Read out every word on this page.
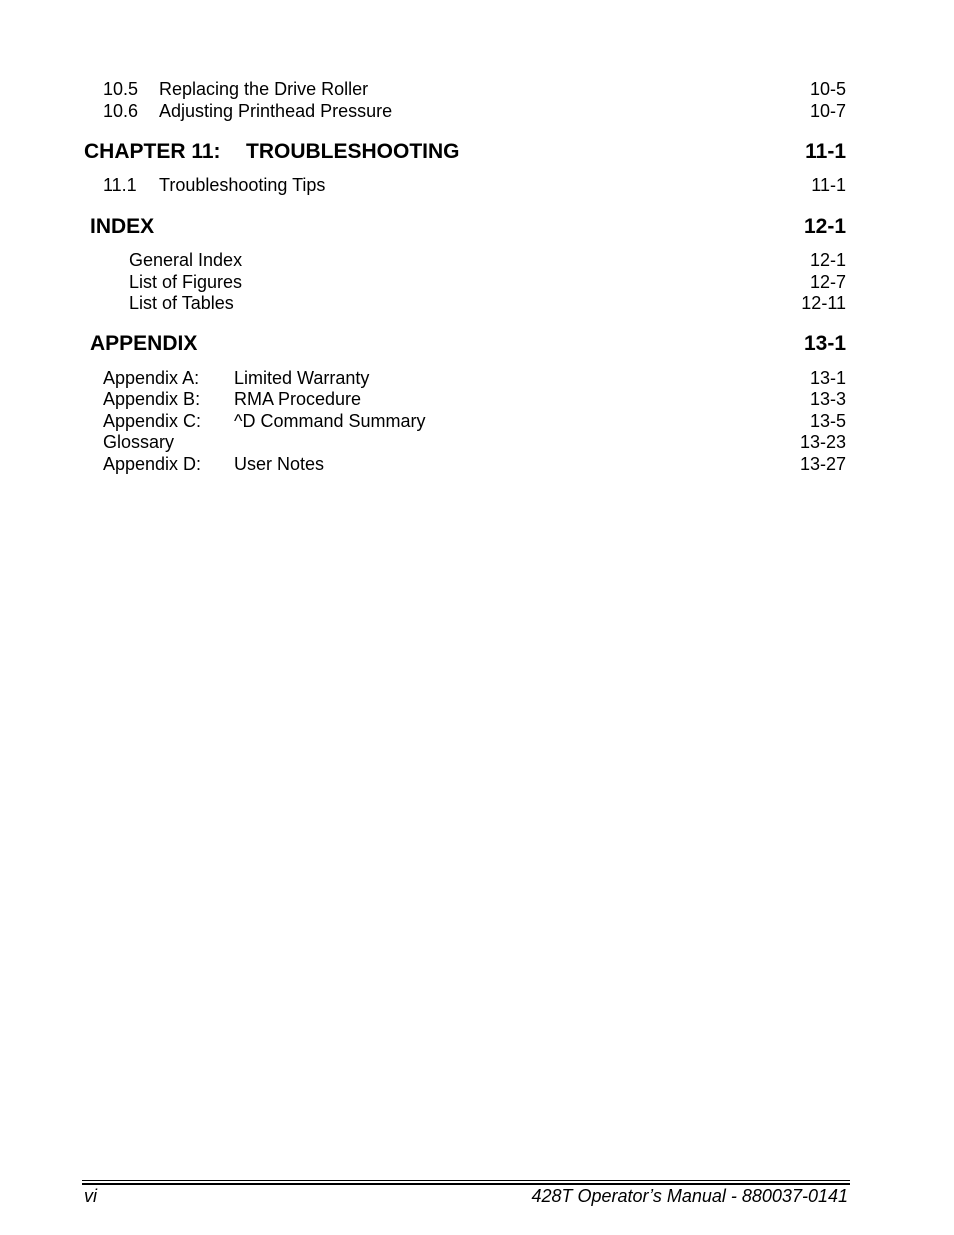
10.5 Replacing the Drive Roller	10-5
10.6 Adjusting Printhead Pressure	10-7
CHAPTER 11: TROUBLESHOOTING	11-1
11.1 Troubleshooting Tips	11-1
INDEX	12-1
General Index	12-1
List of Figures	12-7
List of Tables	12-11
APPENDIX	13-1
Appendix A: Limited Warranty	13-1
Appendix B: RMA Procedure	13-3
Appendix C: ^D Command Summary	13-5
Glossary	13-23
Appendix D: User Notes	13-27
vi	428T Operator’s Manual - 880037-0141
